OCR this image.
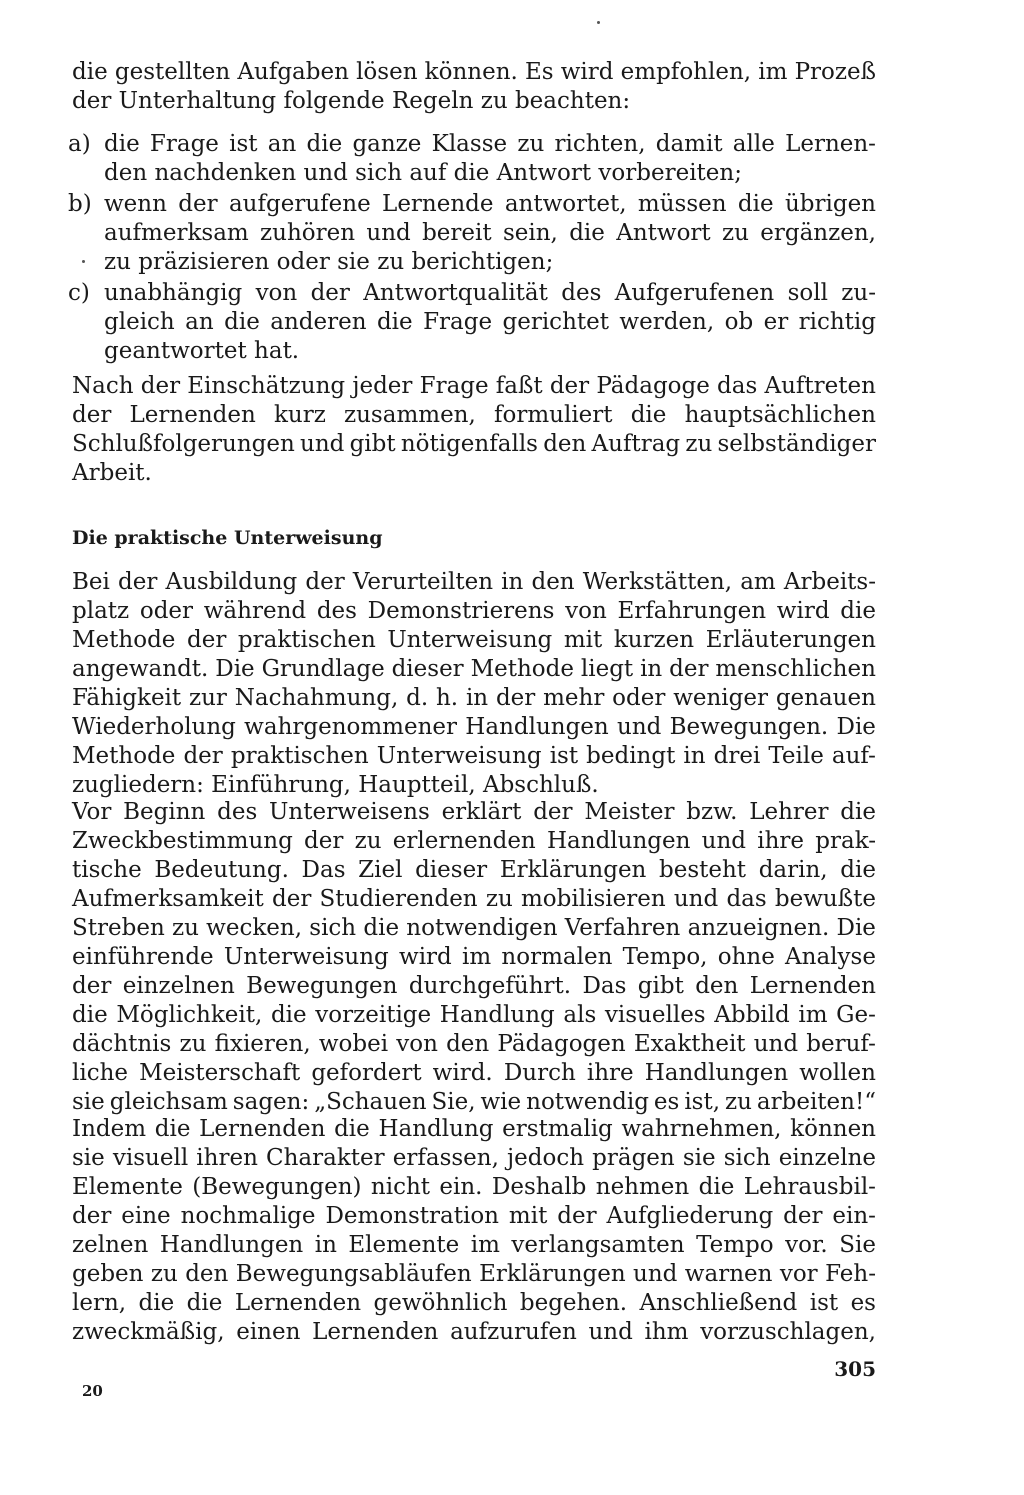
die gestellten Aufgaben lösen können. Es wird empfohlen, im Prozeß
der Unterhaltung folgende Regeln zu beachten:
a) die Frage ist an die ganze Klasse zu richten, damit alle Lernen-
den nachdenken und sich auf die Antwort vorbereiten;
b) wenn der aufgerufene Lernende antwortet, müssen die übrigen
aufmerksam zuhören und bereit sein, die Antwort zu ergänzen,
zu präzisieren oder sie zu berichtigen;
c) unabhängig von der Antwortqualität des Aufgerufenen soll zu-
gleich an die anderen die Frage gerichtet werden, ob er richtig
geantwortet hat.
Nach der Einschätzung jeder Frage faßt der Pädagoge das Auftreten
der Lernenden kurz zusammen, formuliert die hauptsächlichen
Schlußfolgerungen und gibt nötigenfalls den Auftrag zu selbständiger
Arbeit.
Die praktische Unterweisung
Bei der Ausbildung der Verurteilten in den Werkstätten, am Arbeits-
platz oder während des Demonstrierens von Erfahrungen wird die
Methode der praktischen Unterweisung mit kurzen Erläuterungen
angewandt. Die Grundlage dieser Methode liegt in der menschlichen
Fähigkeit zur Nachahmung, d. h. in der mehr oder weniger genauen
Wiederholung wahrgenommener Handlungen und Bewegungen. Die
Methode der praktischen Unterweisung ist bedingt in drei Teile auf-
zugliedern: Einführung, Hauptteil, Abschluß.
Vor Beginn des Unterweisens erklärt der Meister bzw. Lehrer die
Zweckbestimmung der zu erlernenden Handlungen und ihre prak-
tische Bedeutung. Das Ziel dieser Erklärungen besteht darin, die
Aufmerksamkeit der Studierenden zu mobilisieren und das bewußte
Streben zu wecken, sich die notwendigen Verfahren anzueignen. Die
einführende Unterweisung wird im normalen Tempo, ohne Analyse
der einzelnen Bewegungen durchgeführt. Das gibt den Lernenden
die Möglichkeit, die vorzeitige Handlung als visuelles Abbild im Ge-
dächtnis zu fixieren, wobei von den Pädagogen Exaktheit und beruf-
liche Meisterschaft gefordert wird. Durch ihre Handlungen wollen
sie gleichsam sagen: „Schauen Sie, wie notwendig es ist, zu arbeiten!“
Indem die Lernenden die Handlung erstmalig wahrnehmen, können
sie visuell ihren Charakter erfassen, jedoch prägen sie sich einzelne
Elemente (Bewegungen) nicht ein. Deshalb nehmen die Lehrausbil-
der eine nochmalige Demonstration mit der Aufgliederung der ein-
zelnen Handlungen in Elemente im verlangsamten Tempo vor. Sie
geben zu den Bewegungsabläufen Erklärungen und warnen vor Feh-
lern, die die Lernenden gewöhnlich begehen. Anschließend ist es
zweckmäßig, einen Lernenden aufzurufen und ihm vorzuschlagen,
305
20
